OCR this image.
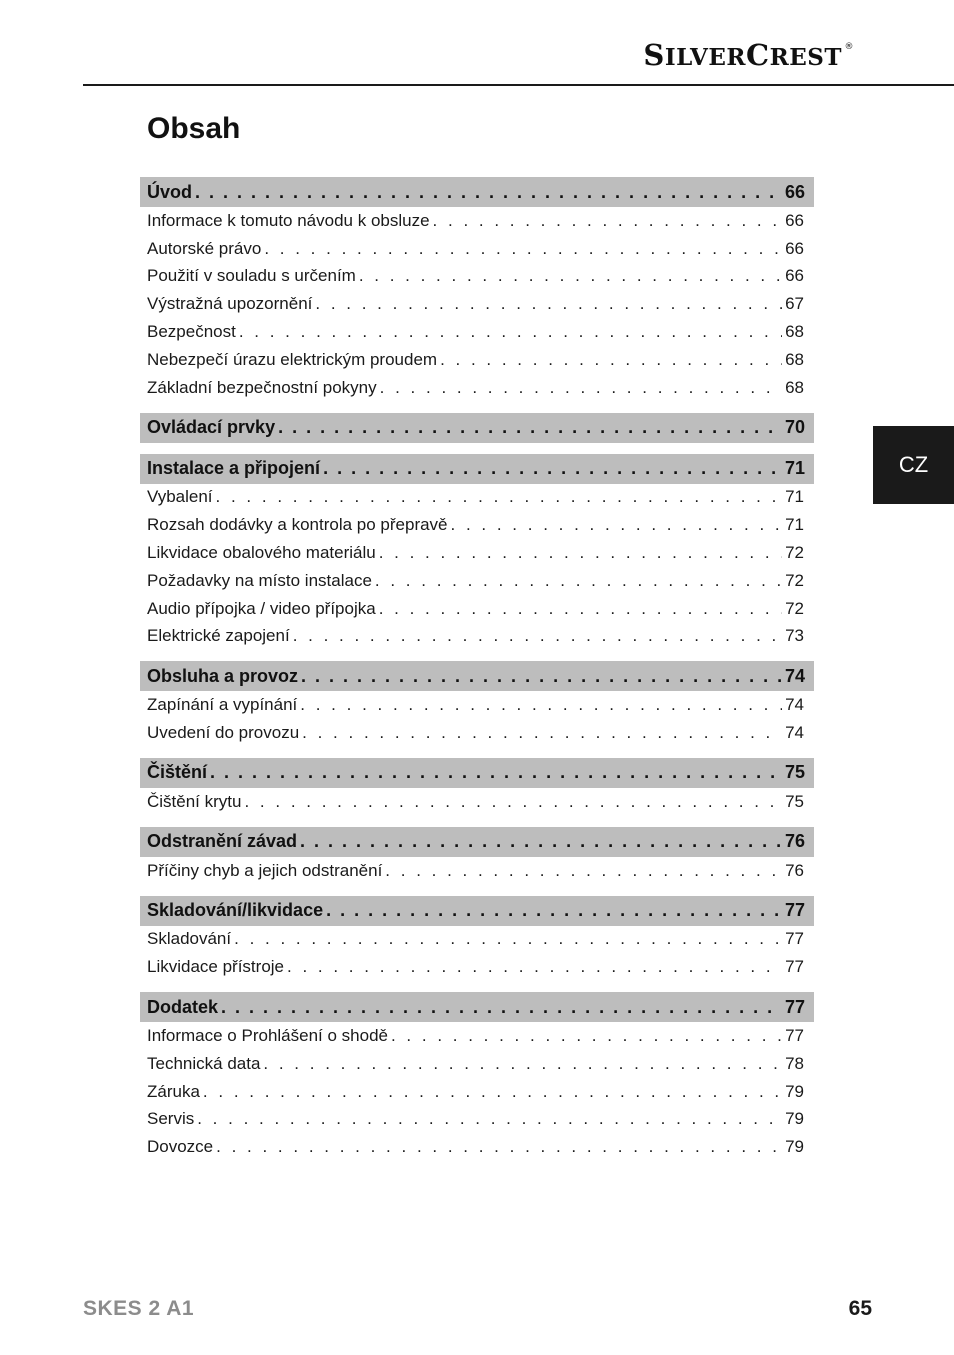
SILVERCREST ®
Obsah
Úvod . . .	66
Informace k tomuto návodu k obsluze . . .	66
Autorské právo . . .	66
Použití v souladu s určením . . .	66
Výstražná upozornění . . .	67
Bezpečnost . . .	68
Nebezpečí úrazu elektrickým proudem . . .	68
Základní bezpečnostní pokyny . . .	68
Ovládací prvky . . .	70
Instalace a připojení . . .	71
Vybalení . . .	71
Rozsah dodávky a kontrola po přepravě . . .	71
Likvidace obalového materiálu . . .	72
Požadavky na místo instalace . . .	72
Audio přípojka / video přípojka . . .	72
Elektrické zapojení . . .	73
Obsluha a provoz . . .	74
Zapínání a vypínání . . .	74
Uvedení do provozu . . .	74
Čištění . . .	75
Čištění krytu . . .	75
Odstranění závad . . .	76
Příčiny chyb a jejich odstranění . . .	76
Skladování/likvidace . . .	77
Skladování . . .	77
Likvidace přístroje . . .	77
Dodatek . . .	77
Informace o Prohlášení o shodě . . .	77
Technická data . . .	78
Záruka . . .	79
Servis . . .	79
Dovozce . . .	79
CZ
SKES 2 A1	65
